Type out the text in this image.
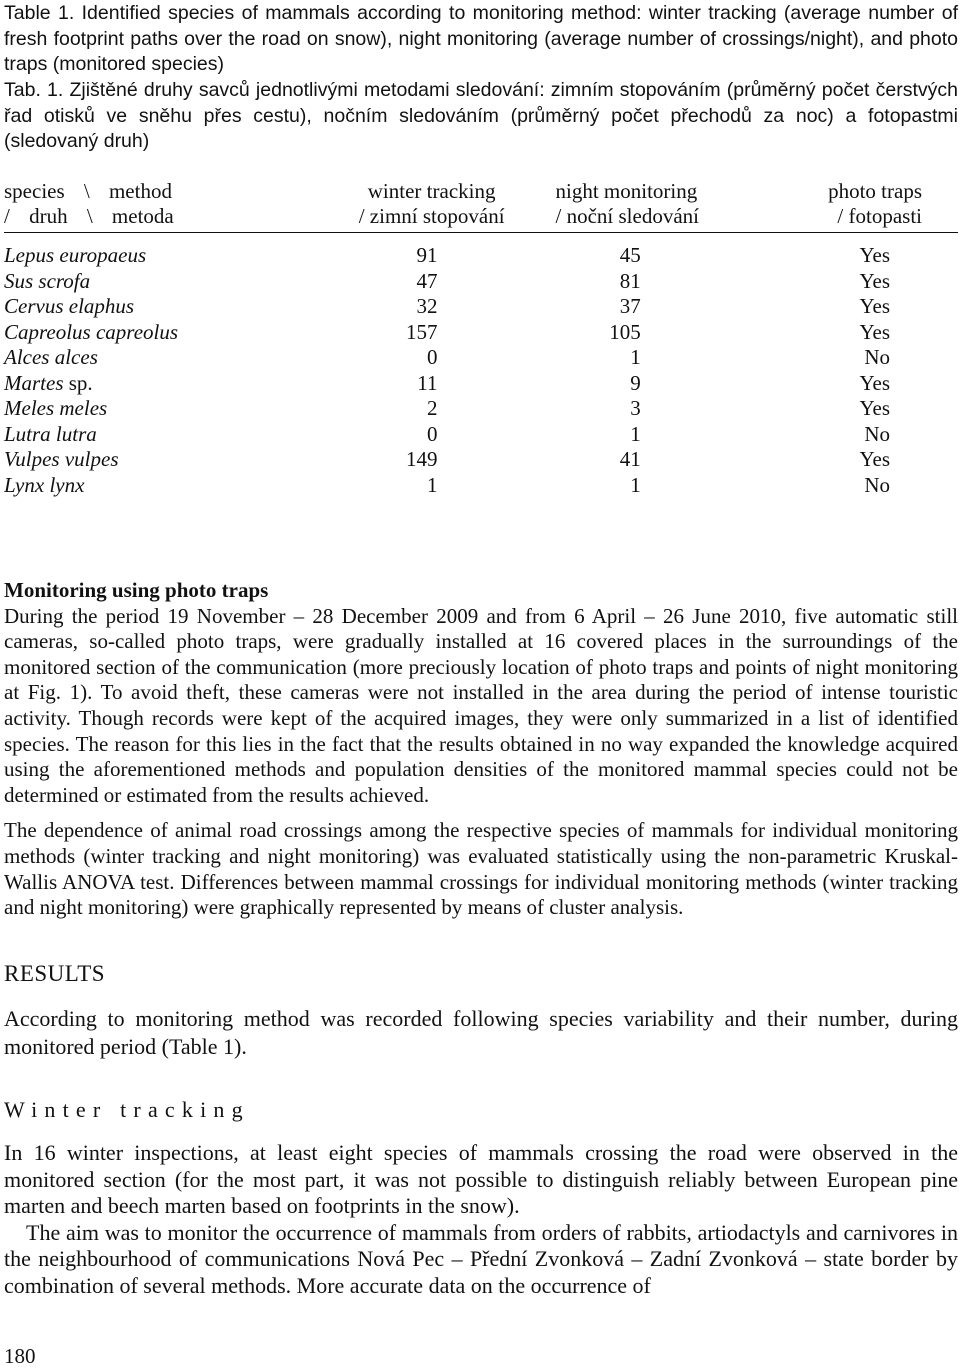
Table 1. Identified species of mammals according to monitoring method: winter tracking (average number of fresh footprint paths over the road on snow), night monitoring (average number of crossings/night), and photo traps (monitored species)

Tab. 1. Zjištěné druhy savců jednotlivými metodami sledování: zimním stopováním (průměrný počet čerstvých řad otisků ve sněhu přes cestu), nočním sledováním (průměrný počet přechodů za noc) a fotopastmi (sledovaný druh)

species \ method	winter tracking	night monitoring	photo traps
/ druh \ metoda	/ zimní stopování	/ noční sledování	/ fotopasti
Lepus europaeus	91	45	Yes
Sus scrofa	47	81	Yes
Cervus elaphus	32	37	Yes
Capreolus capreolus	157	105	Yes
Alces alces	0	1	No
Martes sp.	11	9	Yes
Meles meles	2	3	Yes
Lutra lutra	0	1	No
Vulpes vulpes	149	41	Yes
Lynx lynx	1	1	No

Monitoring using photo traps

During the period 19 November – 28 December 2009 and from 6 April – 26 June 2010, five automatic still cameras, so-called photo traps, were gradually installed at 16 covered places in the surroundings of the monitored section of the communication (more preciously location of photo traps and points of night monitoring at Fig. 1). To avoid theft, these cameras were not installed in the area during the period of intense touristic activity. Though records were kept of the acquired images, they were only summarized in a list of identified species. The reason for this lies in the fact that the results obtained in no way expanded the knowledge acquired using the aforementioned methods and population densities of the monitored mammal species could not be determined or estimated from the results achieved.

The dependence of animal road crossings among the respective species of mammals for individual monitoring methods (winter tracking and night monitoring) was evaluated statistically using the non-parametric Kruskal-Wallis ANOVA test. Differences between mammal crossings for individual monitoring methods (winter tracking and night monitoring) were graphically represented by means of cluster analysis.

RESULTS

According to monitoring method was recorded following species variability and their number, during monitored period (Table 1).

Winter tracking

In 16 winter inspections, at least eight species of mammals crossing the road were observed in the monitored section (for the most part, it was not possible to distinguish reliably between European pine marten and beech marten based on footprints in the snow).

The aim was to monitor the occurrence of mammals from orders of rabbits, artiodactyls and carnivores in the neighbourhood of communications Nová Pec – Přední Zvonková – Zadní Zvonková – state border by combination of several methods. More accurate data on the occurrence of

180
